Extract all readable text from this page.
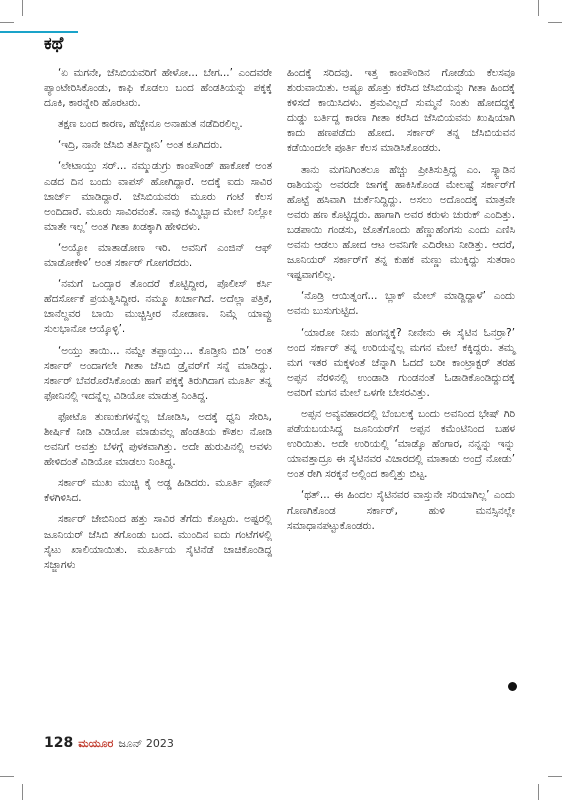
ಕಥೆ

‘ಏ ಮಗನೇ, ಜೆಸಿಬಿಯವರಿಗೆ ಹೇಳೋ... ಬೇಗ...’ ಎಂದವರೇ ಪ್ಯಾಂಟೇರಿಸಿಕೊಂಡು, ಕಾಫಿ ಕೊಡಲು ಬಂದ ಹೆಂಡತಿಯನ್ನು ಪಕ್ಕಕ್ಕೆ ದೂಕಿ, ಕಾರನ್ನೇರಿ ಹೊರಟರು.

ತಕ್ಷಣ ಬಂದ ಕಾರಣ, ಹೆಚ್ಚೇನೂ ಅನಾಹುತ ನಡೆದಿರಲಿಲ್ಲ.

‘ಇದ್ರಿ, ನಾನೇ ಜೆಸಿಬಿ ತರ್ತಿದ್ದೀನಿ’ ಅಂತ ಕೂಗಿದರು.

‘ಲೇಟಾಯ್ತು ಸರ್... ನಮ್ಮುಡುಗ್ರು ಕಾಂಪೌಂಡ್ ಹಾಕೋಕೆ ಅಂತ ಎಡದ ದಿನ ಬಂದು ವಾಪಸ್ ಹೋಗಿದ್ದಾರೆ. ಅದಕ್ಕೆ ಐದು ಸಾವಿರ ಚಾರ್ಜ್ ಮಾಡಿದ್ದಾರೆ. ಜೆಸಿಬಿಯವರು ಮೂರು ಗಂಟೆ ಕೆಲಸ ಅಂದಿದಾರೆ. ಮೂರು ಸಾವಿರವಂತೆ. ನಾವು ಕಮ್ಮಿಬ್ಬಾದ ಮೇಲೆ ನಿಲ್ಲೋ ಮಾತೇ ಇಲ್ಲ’ ಅಂತ ಗೀತಾ ಖಡಕ್ಕಾಗಿ ಹೇಳಿದಳು.

‘ಅಯ್ಯೋ ಮಾತಾಡೋಣ ಇರಿ. ಅವನಿಗೆ ಎಂಜಿನ್ ಆಫ್ ಮಾಡೋಕೇಳಿ’ ಅಂತ ಸರ್ಕಾರ್ ಗೋಗರೆದರು.

‘ನಮಗೆ ಒಂದ್ಸಾರ ತೊಂದರೆ ಕೊಟ್ಟಿದ್ದೀರ, ಪೊಲೀಸ್ ಕರ್ಸಿ ಹೆದರ್ಸೋಕೆ ಪ್ರಯತ್ನಿಸಿದ್ದೀರ. ನಮ್ಮೂ ಖರ್ಚಾಗಿದೆ. ಅದೆಲ್ಲಾ ಪತ್ರಿಕೆ, ಚಾನೆಲ್ದವರ ಬಾಯಿ ಮುಚ್ಚಿಸ್ತೀರ ನೋಡಾಣ. ನಿಮ್ಗೆ ಯಾವ್ದು ಸುಲಭಾನೋ ಆಯ್ಕೊಳ್ಳಿ’.

‘ಅಯ್ತು ತಾಯಿ... ನಮ್ದೇ ತಪ್ಪಾಯ್ತು... ಕೊಡ್ತೀನಿ ಬಿಡಿ’ ಅಂತ ಸರ್ಕಾರ್ ಅಂದಾಗಲೇ ಗೀತಾ ಜೆಸಿಬಿ ಡ್ರೈವರ್‌ಗೆ ಸನ್ನೆ ಮಾಡಿದ್ದು. ಸರ್ಕಾರ್ ಬೆವರೊರೆಸಿಕೊಂಡು ಹಾಗೆ ಪಕ್ಕಕ್ಕೆ ತಿರುಗಿದಾಗ ಮೂರ್ತಿ ತನ್ನ ಫೋನಿನಲ್ಲಿ ಇದನ್ನೆಲ್ಲ ವಿಡಿಯೋ ಮಾಡುತ್ತ ನಿಂತಿದ್ದ.

ಫೋಟೊ ತುಣುಕುಗಳನ್ನೆಲ್ಲ ಜೋಡಿಸಿ, ಅದಕ್ಕೆ ಧ್ವನಿ ಸೇರಿಸಿ, ಶೀರ್ಷಿಕೆ ನೀಡಿ ವಿಡಿಯೋ ಮಾಡುವಲ್ಲ ಹೆಂಡತಿಯ ಕೌಶಲ ನೋಡಿ ಅವನಿಗೆ ಅವತ್ತು ಬೆಳಗ್ಗೆ ಪುಳಕವಾಗಿತ್ತು. ಅದೇ ಹುರುಪಿನಲ್ಲಿ ಅವಳು ಹೇಳಿದಂತೆ ವಿಡಿಯೋ ಮಾಡಲು ನಿಂತಿದ್ದ.

ಸರ್ಕಾರ್ ಮುಖ ಮುಚ್ಚಿ ಕೈ ಅಡ್ಡ ಹಿಡಿದರು. ಮೂರ್ತಿ ಫೋನ್ ಕೆಳಗಿಳಿಸಿದ.

ಸರ್ಕಾರ್ ಜೇಬಿನಿಂದ ಹತ್ತು ಸಾವಿರ ತೆಗೆದು ಕೊಟ್ಟರು. ಅಷ್ಟರಲ್ಲಿ ಜೂನಿಯರ್ ಜೆಸಿಬಿ ತಗೊಂಡು ಬಂದ. ಮುಂದಿನ ಐದು ಗಂಟೆಗಳಲ್ಲಿ ಸೈಟು ಖಾಲಿಯಾಯಿತು. ಮೂರ್ತಿಯ ಸೈಟಿನೆಡೆ ಚಾಚಿಕೊಂಡಿದ್ದ ಸಜ್ಜಾಗಳು

ಹಿಂದಕ್ಕೆ ಸರಿದವು. ಇತ್ತ ಕಾಂಪೌಂಡಿನ ಗೋಡೆಯ ಕೆಲಸವೂ ಶುರುವಾಯಿತು. ಅಷ್ಟೂ ಹೊತ್ತು ಕರೆಸಿದ ಜೆಸಿಬಿಯನ್ನು ಗೀತಾ ಹಿಂದಕ್ಕೆ ಕಳಿಸದೆ ಕಾಯಿಸಿದಳು. ಶ್ರಮವಿಲ್ಲದೆ ಸುಮ್ಮನೆ ನಿಂತು ಹೋದದ್ದಕ್ಕೆ ದುಡ್ಡು ಬರ್ತಿದ್ದ ಕಾರಣ ಗೀತಾ ಕರೆಸಿದ ಜೆಸಿಬಿಯವನು ಖುಷಿಯಾಗಿ ಕಾದು ಹಣಪಡೆದು ಹೋದ. ಸರ್ಕಾರ್ ತನ್ನ ಜೆಸಿಬಿಯವನ ಕಡೆಯಿಂದಲೇ ಪೂರ್ತಿ ಕೆಲಸ ಮಾಡಿಸಿಕೊಂಡರು.

ತಾನು ಮಗನಿಗಿಂತಲೂ ಹೆಚ್ಚು ಪ್ರೀತಿಸುತ್ತಿದ್ದ ಎಂ. ಸ್ಕ್ವಾಡಿನ ರಾಶಿಯನ್ನು ಅವರದೇ ಜಾಗಕ್ಕೆ ಹಾಕಿಸಿಕೊಂಡ ಮೇಲಷ್ಟೆ ಸರ್ಕಾರ್‌ಗೆ ಹೊಟ್ಟೆ ಹಸಿವಾಗಿ ಚುರ್ಕೆನಿದ್ದಿದ್ದು. ಅಸಲು ಅದೊಂದಕ್ಕೆ ಮಾತ್ರವೇ ಅವರು ಹಣ ಕೊಟ್ಟಿದ್ದರು. ಹಾಗಾಗಿ ಅವರ ಕರುಳು ಚುರುಕ್ ಎಂದಿತ್ತು. ಬಡಪಾಯಿ ಗಂಡಸು, ಜೊತೆಗೊಂದು ಹೆಣ್ಣುಹೆಂಗಸು ಎಂದು ಎಣಿಸಿ ಅವನು ಆಡಲು ಹೋದ ಆಟ ಅವನಿಗೇ ಎದಿರೇಟು ನೀಡಿತ್ತು. ಆದರೆ, ಜೂನಿಯರ್ ಸರ್ಕಾರ್‌ಗೆ ತನ್ನ ಕುಹಕ ಮಣ್ಣು ಮುಕ್ಕಿದ್ದು ಸುತರಾಂ ಇಷ್ಟವಾಗಲಿಲ್ಲ.

‘ನೊಡ್ರಿ ಆಯಿತ್ನಂಗೆ... ಬ್ಲಾಕ್ ಮೇಲ್ ಮಾಡ್ದಿದ್ದಾಳೆ’ ಎಂದು ಅವನು ಬುಸುಗುಟ್ಟಿದ.

‘ಯಾರೋ ನೀನು ಹಂಗನ್ನಕ್ಕೆ? ನೀನೇನು ಈ ಸೈಟಿನ ಓನರ್ರಾ?’ ಅಂದ ಸರ್ಕಾರ್ ತನ್ನ ಉರಿಯನ್ನೆಲ್ಲ ಮಗನ ಮೇಲೆ ಕಕ್ಕಿದ್ದರು. ತಮ್ಮ ಮಗ ಇತರ ಮಕ್ಕಳಂತೆ ಚೆನ್ನಾಗಿ ಓದದೆ ಬರೀ ಕಾಂಟ್ರಾಕ್ಟರ್ ತರಹ ಅಪ್ಪನ ನೆರಳಿನಲ್ಲಿ ಉಂಡಾಡಿ ಗುಂಡನಂತೆ ಓಡಾಡಿಕೊಂಡಿದ್ದುದಕ್ಕೆ ಅವರಿಗೆ ಮಗನ ಮೇಲೆ ಒಳಗೇ ಬೇಸರವಿತ್ತು.

ಅಪ್ಪನ ಅವ್ಯವಹಾರದಲ್ಲಿ ಬೆಂಬಲಕ್ಕೆ ಬಂದು ಅವನಿಂದ ಭೇಷ್ ಗಿರಿ ಪಡೆಯಬಯಸಿದ್ದ ಜೂನಿಯರ್‌ಗೆ ಅಪ್ಪನ ಕಮೆಂಟಿನಿಂದ ಬಹಳ ಉರಿಯಿತು. ಅದೇ ಉರಿಯಲ್ಲಿ ‘ಮಾಡ್ಕೊ ಹೆಂಗಾರ, ನನ್ನನ್ನು ಇನ್ನು ಯಾವತ್ತಾದ್ರೂ ಈ ಸೈಟಿನವರ ವಿಚಾರದಲ್ಲಿ ಮಾತಾಡು ಅಂದ್ರೆ ನೋಡು’ ಅಂತ ರೇಗಿ ಸರಕ್ಕನೆ ಅಲ್ಲಿಂದ ಕಾಲ್ಕಿತ್ತು ಬಿಟ್ಟ.

‘ಥತ್... ಈ ಹಿಂದಲ ಸೈಟಿನವರ ವಾಸ್ತುನೇ ಸರಿಯಾಗಿಲ್ಲ’ ಎಂದು ಗೊಣಗಿಕೊಂಡ ಸರ್ಕಾರ್, ಹುಳಿ ಮನಸ್ಸಿನಲ್ಲೇ ಸಮಾಧಾನಪಟ್ಟುಕೊಂಡರು.

128 ಮಯೂರ ಜೂನ್ 2023
